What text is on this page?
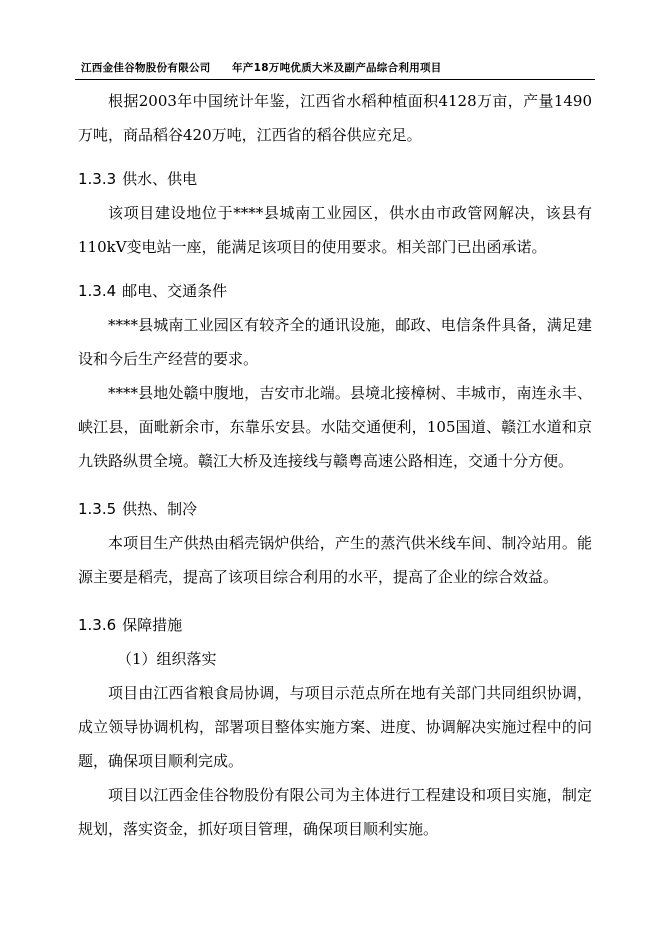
江西金佳谷物股份有限公司 年产18万吨优质大米及副产品综合利用项目

根据2003年中国统计年鉴，江西省水稻种植面积4128万亩，产量1490万吨，商品稻谷420万吨，江西省的稻谷供应充足。

1.3.3 供水、供电

该项目建设地位于****县城南工业园区，供水由市政管网解决，该县有110kV变电站一座，能满足该项目的使用要求。相关部门已出函承诺。

1.3.4 邮电、交通条件

****县城南工业园区有较齐全的通讯设施，邮政、电信条件具备，满足建设和今后生产经营的要求。

****县地处赣中腹地，吉安市北端。县境北接樟树、丰城市，南连永丰、峡江县，面毗新余市，东靠乐安县。水陆交通便利，105国道、赣江水道和京九铁路纵贯全境。赣江大桥及连接线与赣粤高速公路相连，交通十分方便。

1.3.5 供热、制冷

本项目生产供热由稻壳锅炉供给，产生的蒸汽供米线车间、制冷站用。能源主要是稻壳，提高了该项目综合利用的水平，提高了企业的综合效益。

1.3.6 保障措施

（1）组织落实

项目由江西省粮食局协调，与项目示范点所在地有关部门共同组织协调，成立领导协调机构，部署项目整体实施方案、进度、协调解决实施过程中的问题，确保项目顺利完成。

项目以江西金佳谷物股份有限公司为主体进行工程建设和项目实施，制定规划，落实资金，抓好项目管理，确保项目顺利实施。
